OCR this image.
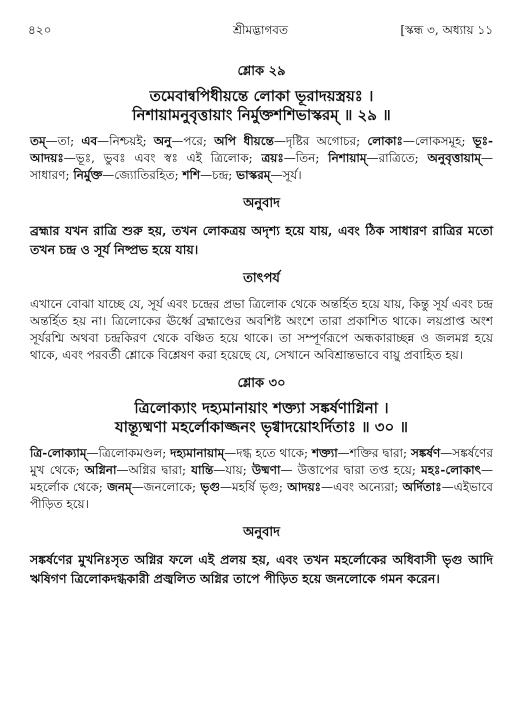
৪২০	শ্রীমদ্ভাগবত	[স্কন্ধ ৩, অধ্যায় ১১
শ্লোক ২৯

তমেবান্বপিধীয়ন্তে লোকা ভূরাদয়স্ত্রয়ঃ ।
নিশায়ামনুবৃত্তায়াং নির্মুক্তশশিভাস্করম্‌ ॥ ২৯ ॥

তম্‌—তা; এব—নিশ্চয়ই; অনু—পরে; অপি ধীয়ন্তে—দৃষ্টির অগোচর; লোকাঃ—লোকসমূহ; ভূঃ-আদয়ঃ—ভূঃ, ভুবঃ এবং স্বঃ এই ত্রিলোক; ত্রয়ঃ—তিন; নিশায়াম্‌—রাত্রিতে; অনুবৃত্তায়াম্‌—সাধারণ; নির্মুক্ত—জ্যোতিরহিত; শশি—চন্দ্র; ভাস্করম্‌—সূর্য।

অনুবাদ

ব্রহ্মার যখন রাত্রি শুরু হয়, তখন লোকত্রয় অদৃশ্য হয়ে যায়, এবং ঠিক সাধারণ রাত্রির মতো তখন চন্দ্র ও সূর্য নিষ্প্রভ হয়ে যায়।

তাৎপর্য

এখানে বোঝা যাচ্ছে যে, সূর্য এবং চন্দ্রের প্রভা ত্রিলোক থেকে অন্তর্হিত হয়ে যায়, কিন্তু সূর্য এবং চন্দ্র অন্তর্হিত হয় না। ত্রিলোকের ঊর্ধ্বে ব্রহ্মাণ্ডের অবশিষ্ট অংশে তারা প্রকাশিত থাকে। লয়প্রাপ্ত অংশ সূর্যরশ্মি অথবা চন্দ্রকিরণ থেকে বঞ্চিত হয়ে থাকে। তা সম্পূর্ণরূপে অন্ধকারাচ্ছন্ন ও জলমগ্ন হয়ে থাকে, এবং পরবর্তী শ্লোকে বিশ্লেষণ করা হয়েছে যে, সেখানে অবিশ্রান্তভাবে বায়ু প্রবাহিত হয়।

শ্লোক ৩০

ত্রিলোক্যাং দহ্যমানায়াং শক্ত্যা সঙ্কর্ষণাগ্নিনা ।
যান্ত্যূষ্মণা মহর্লোকাজ্জনং ভৃগ্বাদয়োঽর্দিতাঃ ॥ ৩০ ॥

ত্রি-লোক্যাম্‌—ত্রিলোকমণ্ডল; দহ্যমানায়াম্‌—দগ্ধ হতে থাকে; শক্ত্যা—শক্তির দ্বারা; সঙ্কর্ষণ—সঙ্কর্ষণের মুখ থেকে; অগ্নিনা—অগ্নির দ্বারা; যান্তি—যায়; উষ্মণা— উত্তাপের দ্বারা তপ্ত হয়ে; মহঃ-লোকাৎ—মহর্লোক থেকে; জনম্‌—জনলোকে; ভৃগু—মহর্ষি ভৃগু; আদয়ঃ—এবং অন্যেরা; অর্দিতাঃ—এইভাবে পীড়িত হয়ে।

অনুবাদ

সঙ্কর্ষণের মুখনিঃসৃত অগ্নির ফলে এই প্রলয় হয়, এবং তখন মহর্লোকের অধিবাসী ভৃগু আদি ঋষিগণ ত্রিলোকদগ্ধকারী প্রজ্বলিত অগ্নির তাপে পীড়িত হয়ে জনলোকে গমন করেন।
